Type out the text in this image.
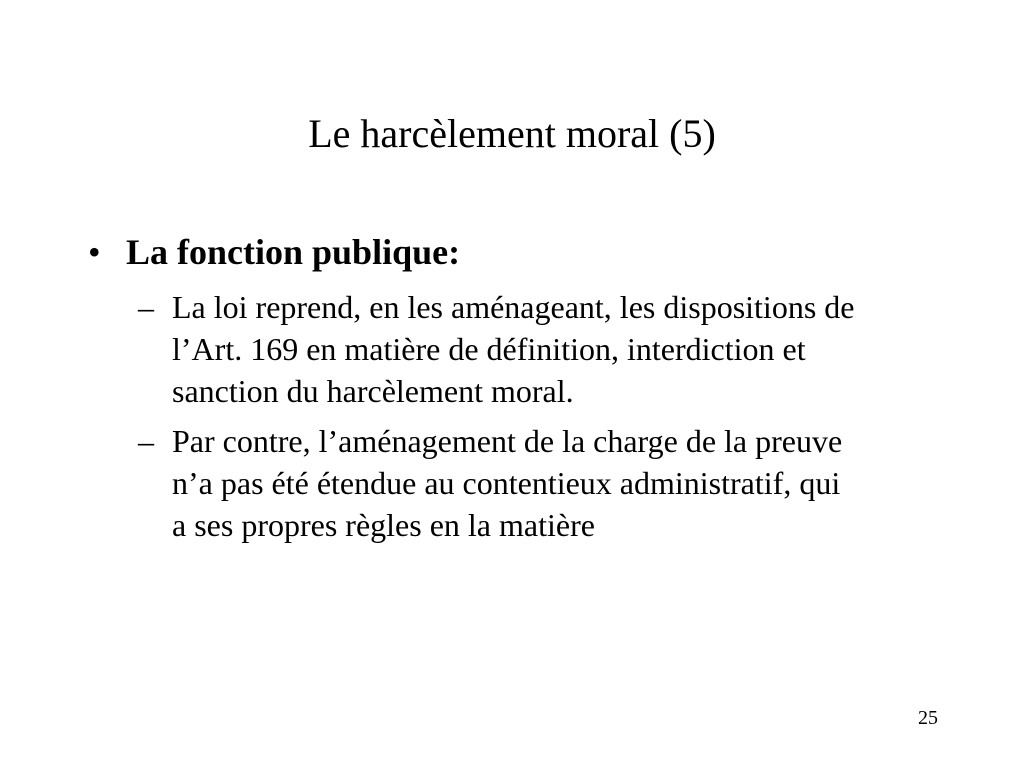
Le harcèlement moral (5)
• La fonction publique:

– La loi reprend, en les aménageant, les dispositions de l’Art. 169 en matière de définition, interdiction et sanction du harcèlement moral.

– Par contre, l’aménagement de la charge de la preuve n’a pas été étendue au contentieux administratif, qui a ses propres règles en la matière

25
